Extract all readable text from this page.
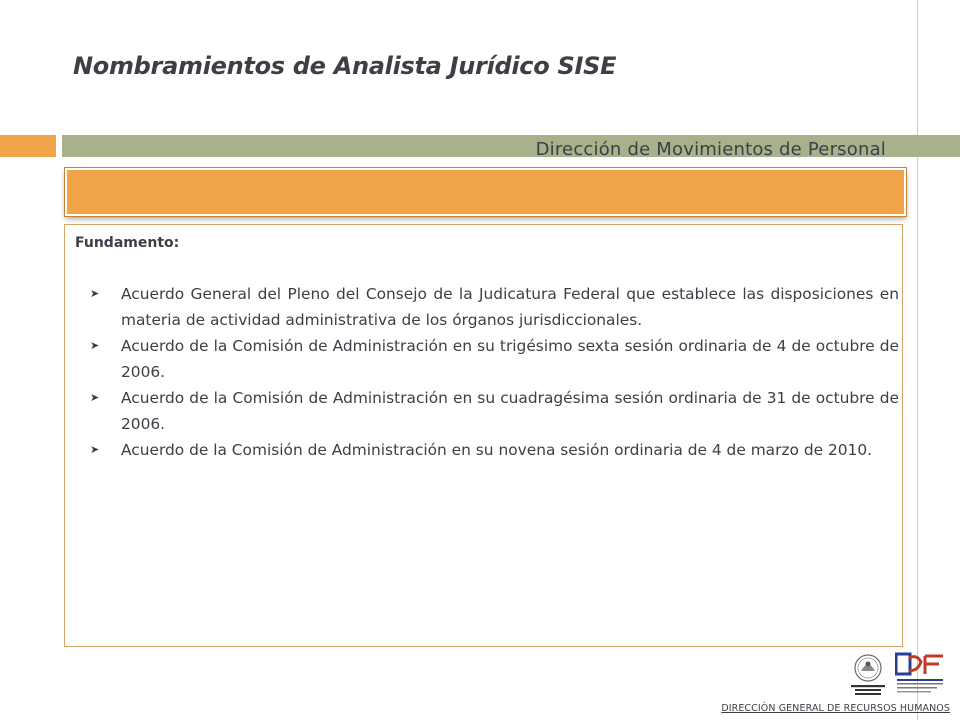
Nombramientos de Analista Jurídico SISE
Dirección de Movimientos de Personal
Fundamento:
➤ Acuerdo General del Pleno del Consejo de la Judicatura Federal que establece las disposiciones en materia de actividad administrativa de los órganos jurisdiccionales.
➤ Acuerdo de la Comisión de Administración en su trigésimo sexta sesión ordinaria de 4 de octubre de 2006.
➤ Acuerdo de la Comisión de Administración en su cuadragésima sesión ordinaria de 31 de octubre de 2006.
➤ Acuerdo de la Comisión de Administración en su novena sesión ordinaria de 4 de marzo de 2010.
DIRECCIÓN GENERAL DE RECURSOS HUMANOS
